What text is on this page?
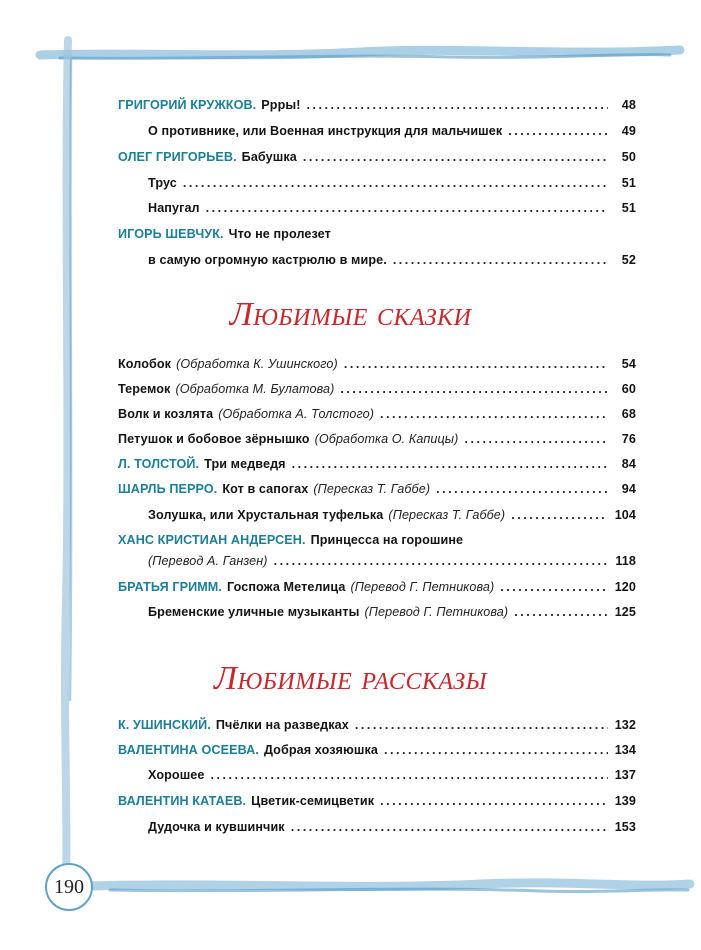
ГРИГОРИЙ КРУЖКОВ. Ррры! . . .	48
О противнике, или Военная инструкция для мальчишек . . .	49
ОЛЕГ ГРИГОРЬЕВ. Бабушка . . .	50
Трус . . .	51
Напугал . . .	51
ИГОРЬ ШЕВЧУК. Что не пролезет
в самую огромную кастрюлю в мире. . . .	52
Колобок (Обработка К. Ушинского) . . .	54
Теремок (Обработка М. Булатова) . . .	60
Волк и козлята (Обработка А. Толстого) . . .	68
Петушок и бобовое зёрнышко (Обработка О. Капицы) . . .	76
Л. ТОЛСТОЙ. Три медведя . . .	84
ШАРЛЬ ПЕРРО. Кот в сапогах (Пересказ Т. Габбе) . . .	94
Золушка, или Хрустальная туфелька (Пересказ Т. Габбе) . . .	104
ХАНС КРИСТИАН АНДЕРСЕН. Принцесса на горошине
(Перевод А. Ганзен) . . .	118
БРАТЬЯ ГРИММ. Госпожа Метелица (Перевод Г. Петникова) . . .	120
Бременские уличные музыканты (Перевод Г. Петникова) . . .	125
К. УШИНСКИЙ. Пчёлки на разведках . . .	132
ВАЛЕНТИНА ОСЕЕВА. Добрая хозяюшка . . .	134
Хорошее . . .	137
ВАЛЕНТИН КАТАЕВ. Цветик-семицветик . . .	139
Дудочка и кувшинчик . . .	153
Любимые сказки
Любимые рассказы
190
